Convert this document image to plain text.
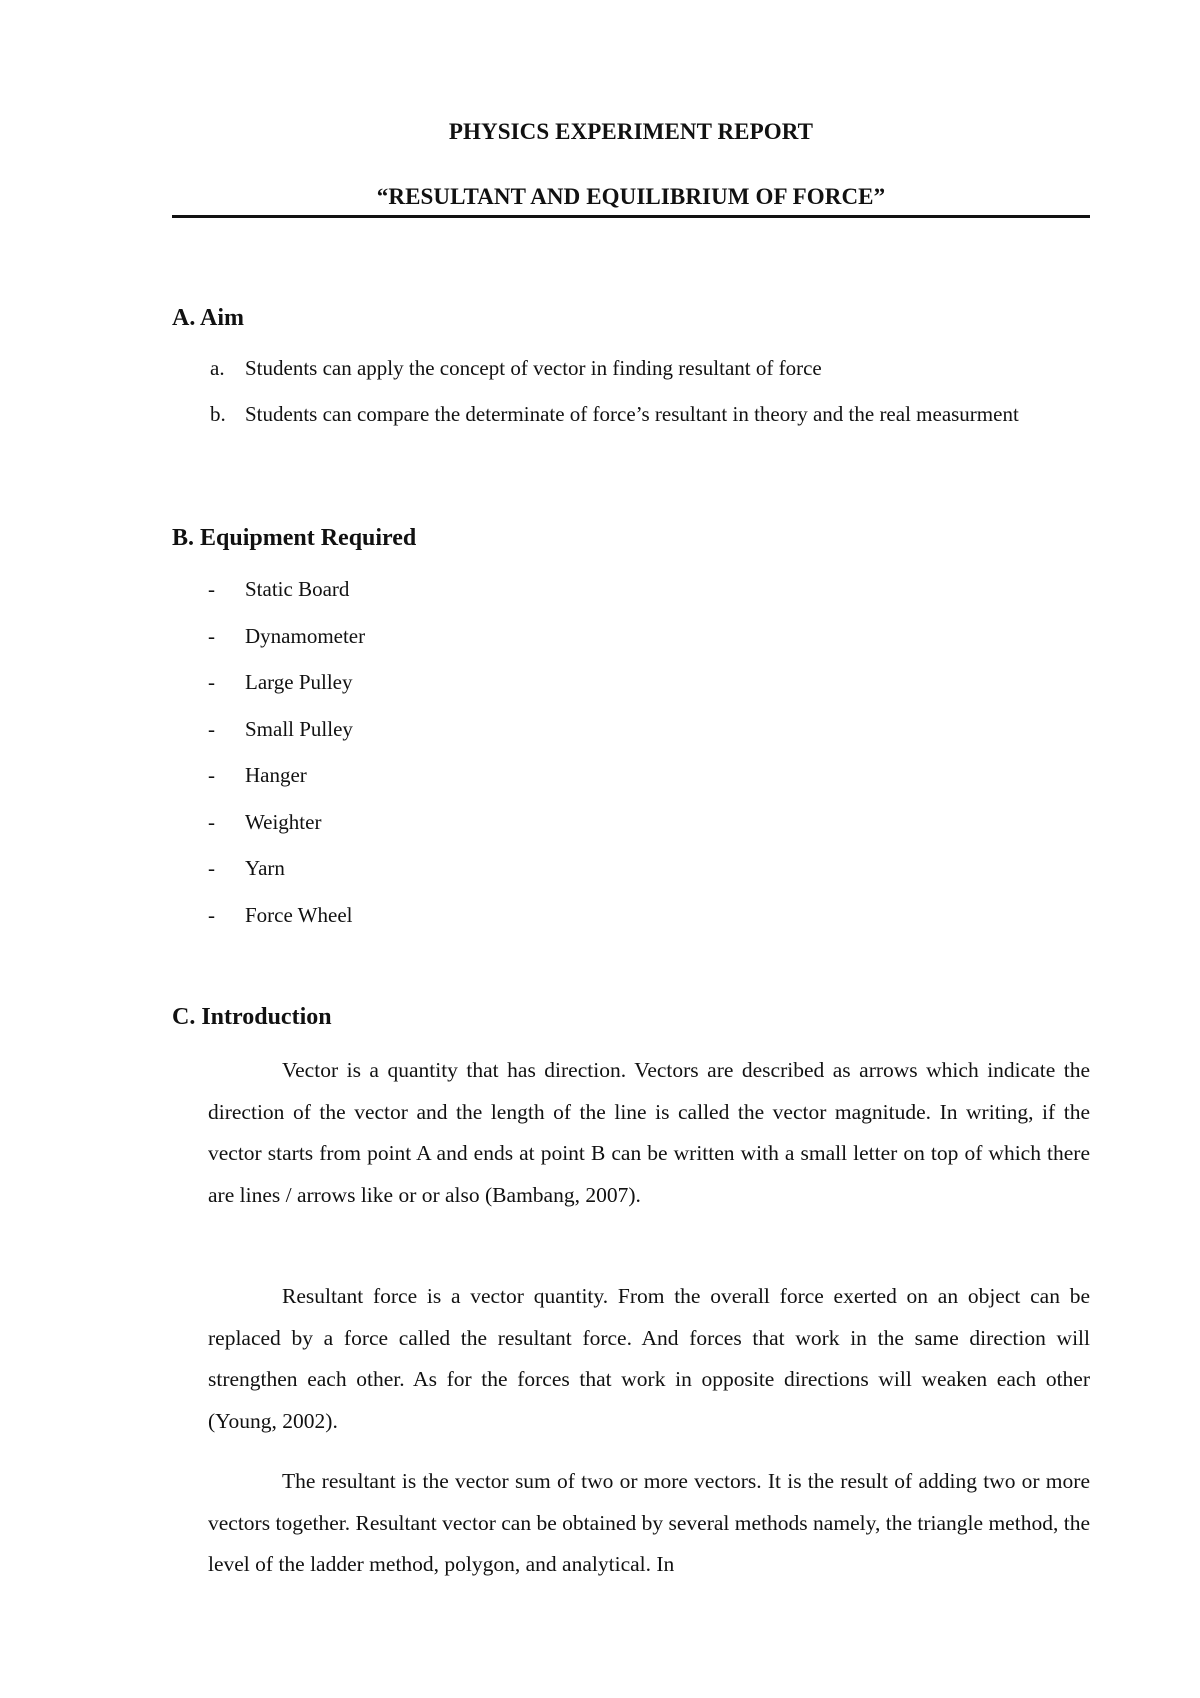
PHYSICS EXPERIMENT REPORT
“RESULTANT AND EQUILIBRIUM OF FORCE”
A. Aim
a. Students can apply the concept of vector in finding resultant of force
b. Students can compare the determinate of force’s resultant in theory and the real measurment
B. Equipment Required
- Static Board
- Dynamometer
- Large Pulley
- Small Pulley
- Hanger
- Weighter
- Yarn
- Force Wheel
C. Introduction

Vector is a quantity that has direction. Vectors are described as arrows which indicate the direction of the vector and the length of the line is called the vector magnitude. In writing, if the vector starts from point A and ends at point B can be written with a small letter on top of which there are lines / arrows like or or also (Bambang, 2007).

Resultant force is a vector quantity. From the overall force exerted on an object can be replaced by a force called the resultant force. And forces that work in the same direction will strengthen each other. As for the forces that work in opposite directions will weaken each other (Young, 2002).

The resultant is the vector sum of two or more vectors. It is the result of adding two or more vectors together. Resultant vector can be obtained by several methods namely, the triangle method, the level of the ladder method, polygon, and analytical. In
